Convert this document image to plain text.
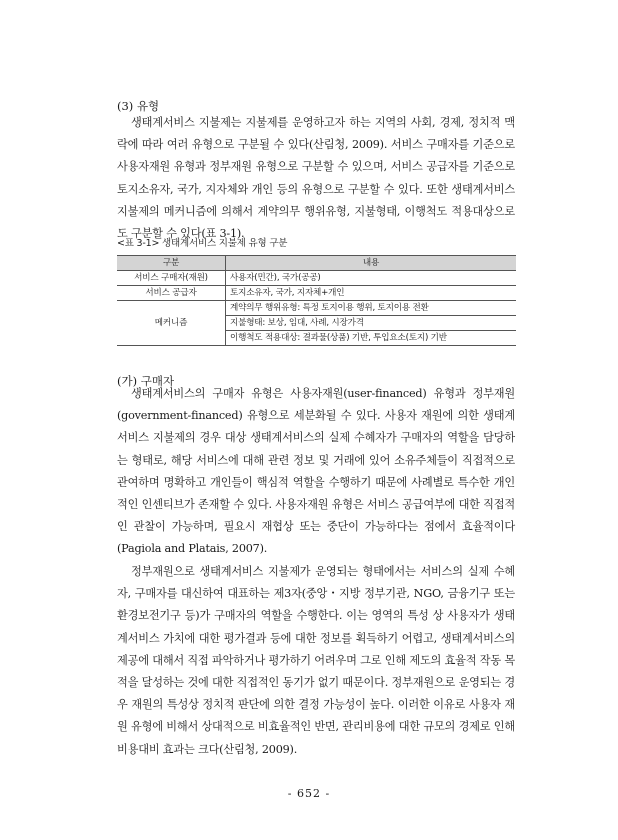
(3) 유형

생태계서비스 지불제는 지불제를 운영하고자 하는 지역의 사회, 경제, 정치적 맥락에 따라 여러 유형으로 구분될 수 있다(산림청, 2009). 서비스 구매자를 기준으로 사용자재원 유형과 정부재원 유형으로 구분할 수 있으며, 서비스 공급자를 기준으로 토지소유자, 국가, 지자체와 개인 등의 유형으로 구분할 수 있다. 또한 생태계서비스 지불제의 메커니즘에 의해서 계약의무 행위유형, 지불형태, 이행척도 적용대상으로도 구분할 수 있다(표 3-1).

<표 3-1> 생태계서비스 지불제 유형 구분
구분	내용
서비스 구매자(재원)	사용자(민간), 국가(공공)
서비스 공급자	토지소유자, 국가, 지자체+개인
메커니즘	계약의무 행위유형: 특정 토지이용 행위, 토지이용 전환
	지불형태: 보상, 임대, 사례, 시장가격
	이행척도 적용대상: 결과물(상품) 기반, 투입요소(토지) 기반
(가) 구매자

생태계서비스의 구매자 유형은 사용자재원(user-financed) 유형과 정부재원(government-financed) 유형으로 세분화될 수 있다. 사용자 재원에 의한 생태계서비스 지불제의 경우 대상 생태계서비스의 실제 수혜자가 구매자의 역할을 담당하는 형태로, 해당 서비스에 대해 관련 정보 및 거래에 있어 소유주체들이 직접적으로 관여하며 명확하고 개인들이 핵심적 역할을 수행하기 때문에 사례별로 특수한 개인적인 인센티브가 존재할 수 있다. 사용자재원 유형은 서비스 공급여부에 대한 직접적인 관찰이 가능하며, 필요시 재협상 또는 중단이 가능하다는 점에서 효율적이다(Pagiola and Platais, 2007).

정부재원으로 생태계서비스 지불제가 운영되는 형태에서는 서비스의 실제 수혜자, 구매자를 대신하여 대표하는 제3자(중앙・지방 정부기관, NGO, 금융기구 또는 환경보전기구 등)가 구매자의 역할을 수행한다. 이는 영역의 특성 상 사용자가 생태계서비스 가치에 대한 평가결과 등에 대한 정보를 획득하기 어렵고, 생태계서비스의 제공에 대해서 직접 파악하거나 평가하기 어려우며 그로 인해 제도의 효율적 작동 목적을 달성하는 것에 대한 직접적인 동기가 없기 때문이다. 정부재원으로 운영되는 경우 재원의 특성상 정치적 판단에 의한 결정 가능성이 높다. 이러한 이유로 사용자 재원 유형에 비해서 상대적으로 비효율적인 반면, 관리비용에 대한 규모의 경제로 인해 비용대비 효과는 크다(산림청, 2009).

- 652 -
